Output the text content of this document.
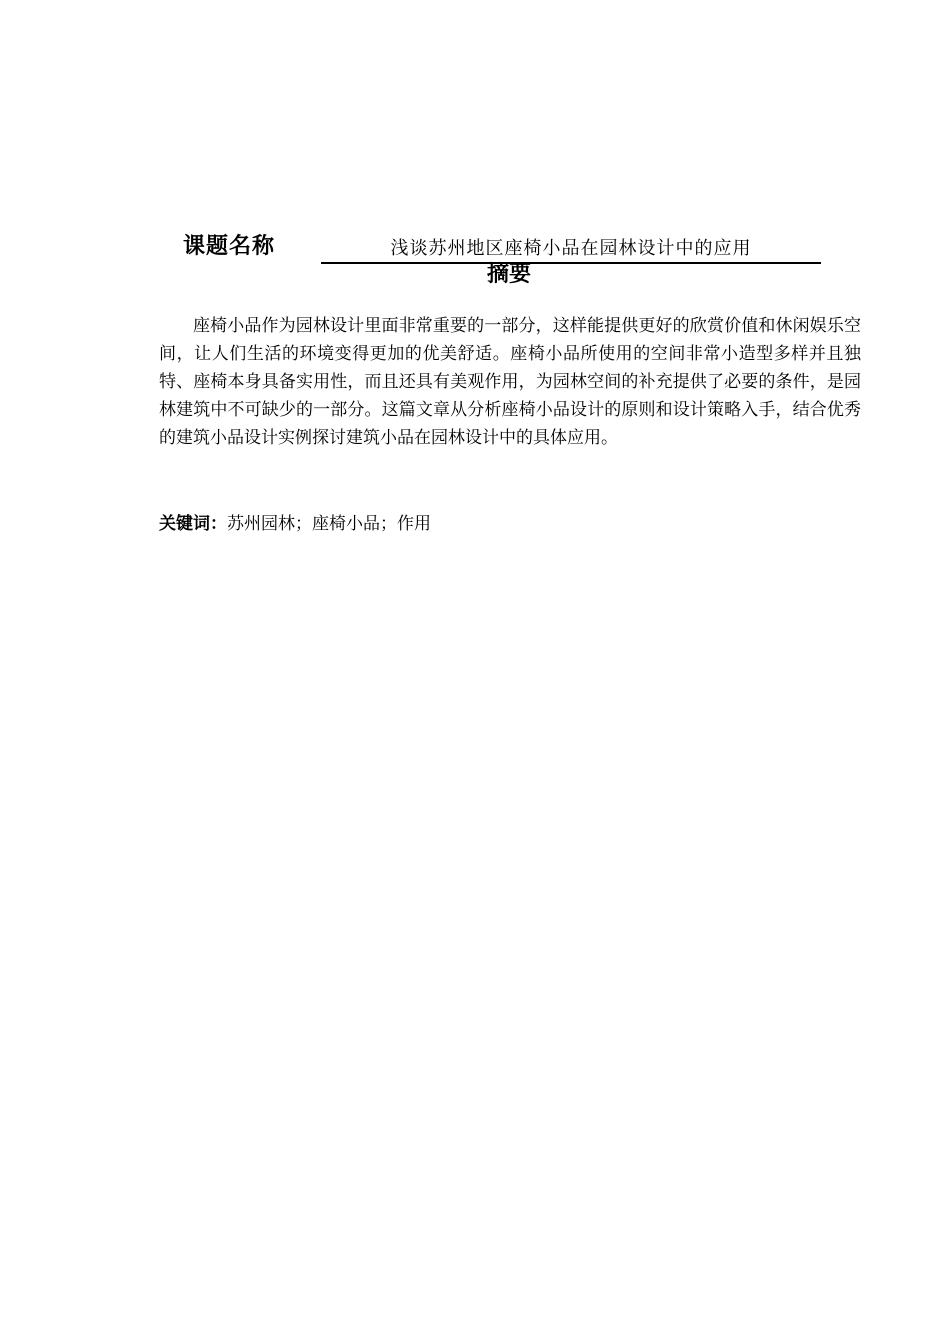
课题名称	浅谈苏州地区座椅小品在园林设计中的应用
摘要

座椅小品作为园林设计里面非常重要的一部分，这样能提供更好的欣赏价值和休闲娱乐空间，让人们生活的环境变得更加的优美舒适。座椅小品所使用的空间非常小造型多样并且独特、座椅本身具备实用性，而且还具有美观作用，为园林空间的补充提供了必要的条件，是园林建筑中不可缺少的一部分。这篇文章从分析座椅小品设计的原则和设计策略入手，结合优秀的建筑小品设计实例探讨建筑小品在园林设计中的具体应用。

关键词：苏州园林；座椅小品；作用
